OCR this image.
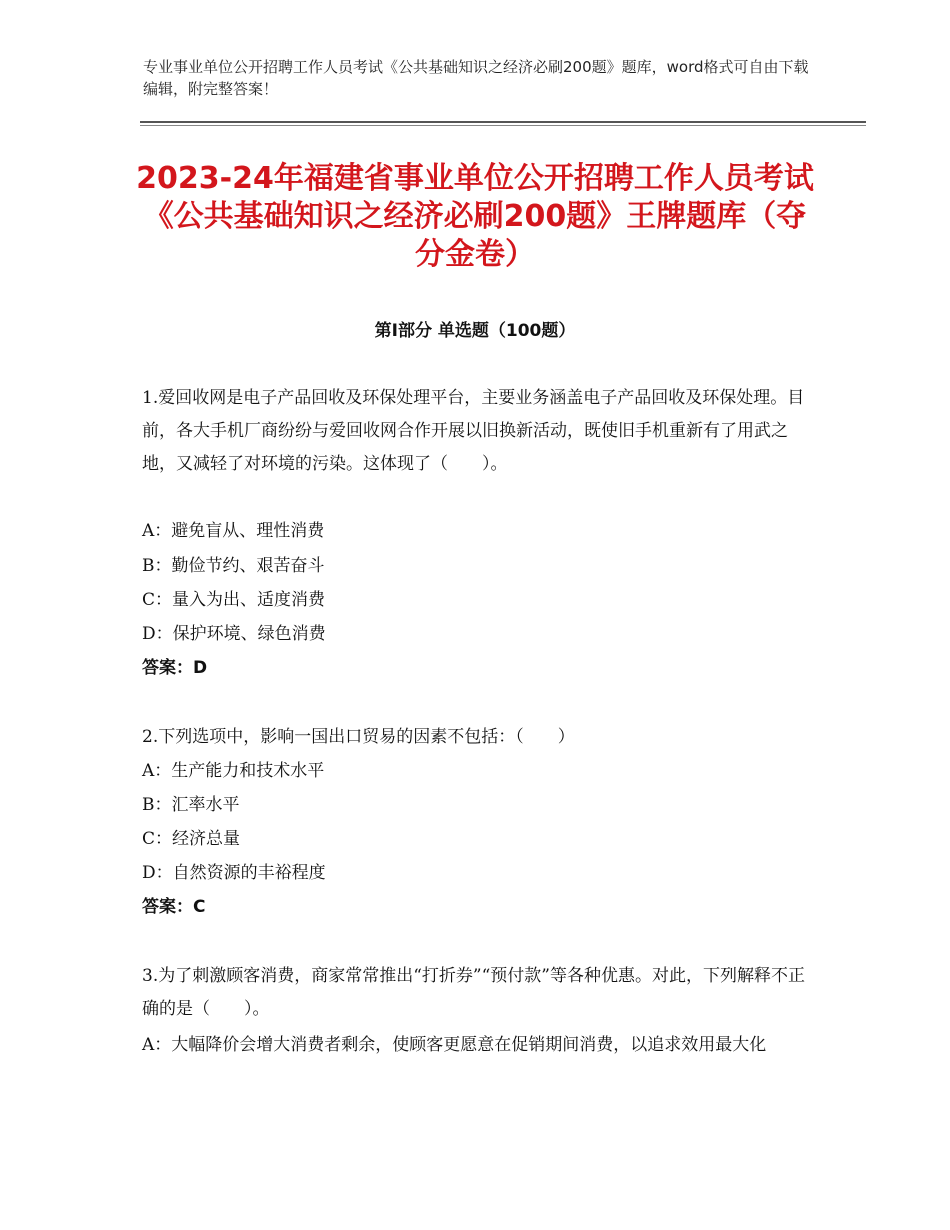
专业事业单位公开招聘工作人员考试《公共基础知识之经济必刷200题》题库，word格式可自由下载编辑，附完整答案！
2023-24年福建省事业单位公开招聘工作人员考试《公共基础知识之经济必刷200题》王牌题库（夺分金卷）
第Ⅰ部分 单选题（100题）
1.爱回收网是电子产品回收及环保处理平台，主要业务涵盖电子产品回收及环保处理。目前，各大手机厂商纷纷与爱回收网合作开展以旧换新活动，既使旧手机重新有了用武之地，又减轻了对环境的污染。这体现了（　　）。
A：避免盲从、理性消费
B：勤俭节约、艰苦奋斗
C：量入为出、适度消费
D：保护环境、绿色消费
答案：D
2.下列选项中，影响一国出口贸易的因素不包括：（　　）
A：生产能力和技术水平
B：汇率水平
C：经济总量
D：自然资源的丰裕程度
答案：C
3.为了刺激顾客消费，商家常常推出“打折券”“预付款”等各种优惠。对此，下列解释不正确的是（　　）。
A：大幅降价会增大消费者剩余，使顾客更愿意在促销期间消费，以追求效用最大化
